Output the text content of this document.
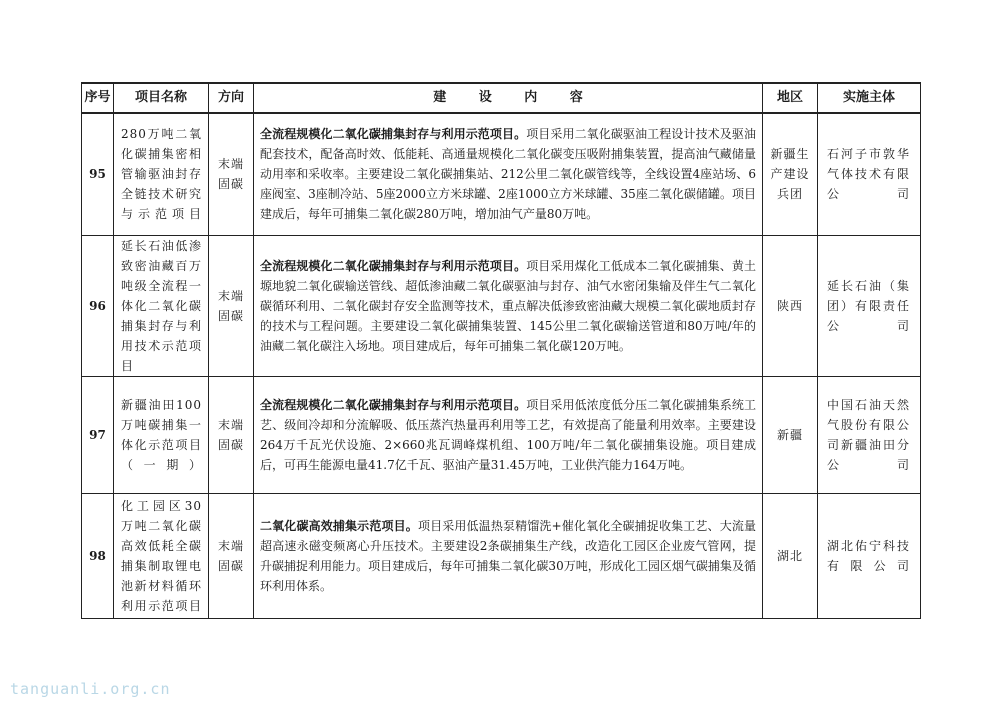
序号	项目名称	方向	建 设 内 容	地区	实施主体
95	280万吨二氧化碳捕集密相管输驱油封存全链技术研究与示范项目	末端固碳	全流程规模化二氧化碳捕集封存与利用示范项目。项目采用二氧化碳驱油工程设计技术及驱油配套技术，配备高时效、低能耗、高通量规模化二氧化碳变压吸附捕集装置，提高油气藏储量动用率和采收率。主要建设二氧化碳捕集站、212公里二氧化碳管线等，全线设置4座站场、6座阀室、3座制冷站、5座2000立方米球罐、2座1000立方米球罐、35座二氧化碳储罐。项目建成后，每年可捕集二氧化碳280万吨，增加油气产量80万吨。	新疆生产建设兵团	石河子市敦华气体技术有限公司
96	延长石油低渗致密油藏百万吨级全流程一体化二氧化碳捕集封存与利用技术示范项目	末端固碳	全流程规模化二氧化碳捕集封存与利用示范项目。项目采用煤化工低成本二氧化碳捕集、黄土塬地貌二氧化碳输送管线、超低渗油藏二氧化碳驱油与封存、油气水密闭集输及伴生气二氧化碳循环利用、二氧化碳封存安全监测等技术，重点解决低渗致密油藏大规模二氧化碳地质封存的技术与工程问题。主要建设二氧化碳捕集装置、145公里二氧化碳输送管道和80万吨/年的油藏二氧化碳注入场地。项目建成后，每年可捕集二氧化碳120万吨。	陕西	延长石油（集团）有限责任公司
97	新疆油田100万吨碳捕集一体化示范项目（一期）	末端固碳	全流程规模化二氧化碳捕集封存与利用示范项目。项目采用低浓度低分压二氧化碳捕集系统工艺、级间冷却和分流解吸、低压蒸汽热量再利用等工艺，有效提高了能量利用效率。主要建设264万千瓦光伏设施、2×660兆瓦调峰煤机组、100万吨/年二氧化碳捕集设施。项目建成后，可再生能源电量41.7亿千瓦、驱油产量31.45万吨，工业供汽能力164万吨。	新疆	中国石油天然气股份有限公司新疆油田分公司
98	化工园区30万吨二氧化碳高效低耗全碳捕集制取锂电池新材料循环利用示范项目	末端固碳	二氧化碳高效捕集示范项目。项目采用低温热泵精馏洗+催化氧化全碳捕捉收集工艺、大流量超高速永磁变频离心升压技术。主要建设2条碳捕集生产线，改造化工园区企业废气管网，提升碳捕捉利用能力。项目建成后，每年可捕集二氧化碳30万吨，形成化工园区烟气碳捕集及循环利用体系。	湖北	湖北佑宁科技有限公司
tanguanli.org.cn
